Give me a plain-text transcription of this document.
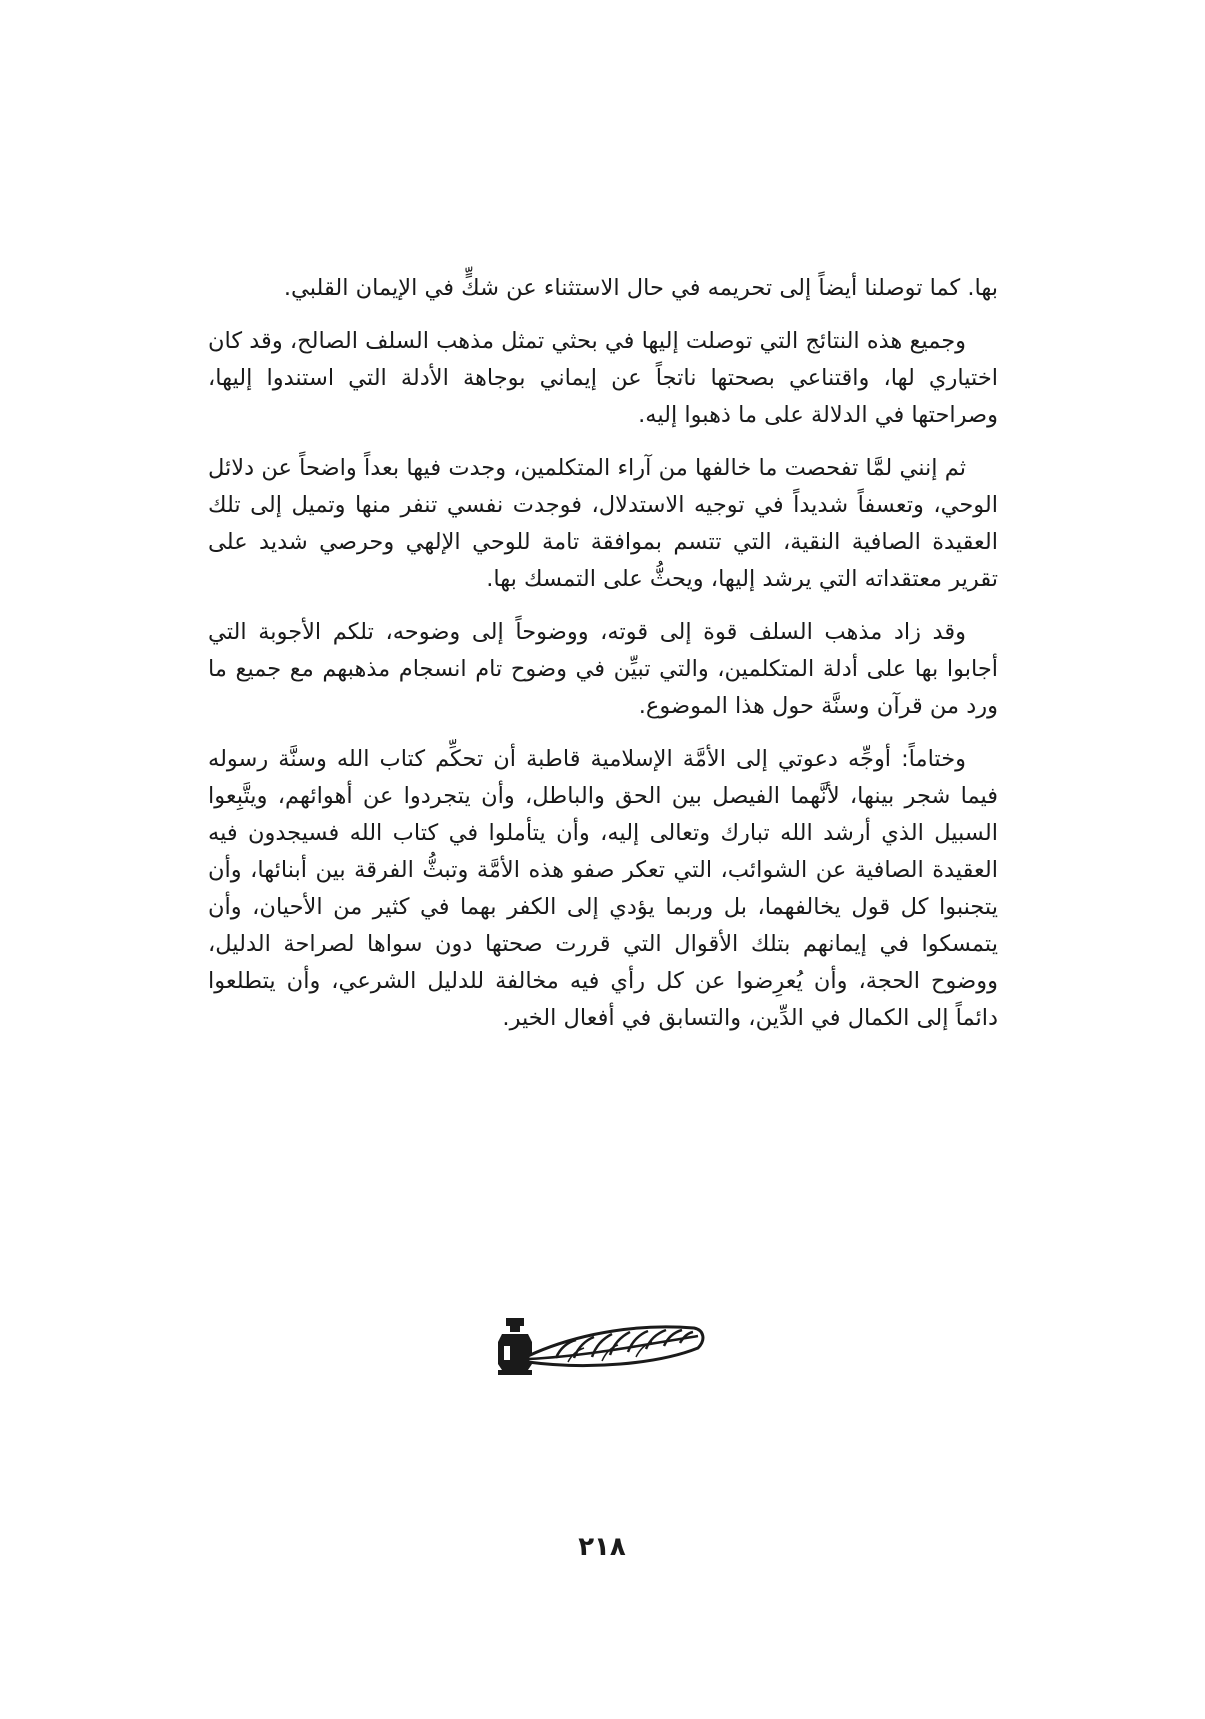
بها. كما توصلنا أيضاً إلى تحريمه في حال الاستثناء عن شكٍّ في الإيمان القلبي.

وجميع هذه النتائج التي توصلت إليها في بحثي تمثل مذهب السلف الصالح، وقد كان اختياري لها، واقتناعي بصحتها ناتجاً عن إيماني بوجاهة الأدلة التي استندوا إليها، وصراحتها في الدلالة على ما ذهبوا إليه.

ثم إنني لمَّا تفحصت ما خالفها من آراء المتكلمين، وجدت فيها بعداً واضحاً عن دلائل الوحي، وتعسفاً شديداً في توجيه الاستدلال، فوجدت نفسي تنفر منها وتميل إلى تلك العقيدة الصافية النقية، التي تتسم بموافقة تامة للوحي الإلهي وحرصي شديد على تقرير معتقداته التي يرشد إليها، ويحثُّ على التمسك بها.

وقد زاد مذهب السلف قوة إلى قوته، ووضوحاً إلى وضوحه، تلكم الأجوبة التي أجابوا بها على أدلة المتكلمين، والتي تبيِّن في وضوح تام انسجام مذهبهم مع جميع ما ورد من قرآن وسنَّة حول هذا الموضوع.

وختاماً: أوجِّه دعوتي إلى الأمَّة الإسلامية قاطبة أن تحكِّم كتاب الله وسنَّة رسوله فيما شجر بينها، لأنَّهما الفيصل بين الحق والباطل، وأن يتجردوا عن أهوائهم، ويتَّبِعوا السبيل الذي أرشد الله تبارك وتعالى إليه، وأن يتأملوا في كتاب الله فسيجدون فيه العقيدة الصافية عن الشوائب، التي تعكر صفو هذه الأمَّة وتبثُّ الفرقة بين أبنائها، وأن يتجنبوا كل قول يخالفهما، بل وربما يؤدي إلى الكفر بهما في كثير من الأحيان، وأن يتمسكوا في إيمانهم بتلك الأقوال التي قررت صحتها دون سواها لصراحة الدليل، ووضوح الحجة، وأن يُعرِضوا عن كل رأي فيه مخالفة للدليل الشرعي، وأن يتطلعوا دائماً إلى الكمال في الدِّين، والتسابق في أفعال الخير.

٢١٨
